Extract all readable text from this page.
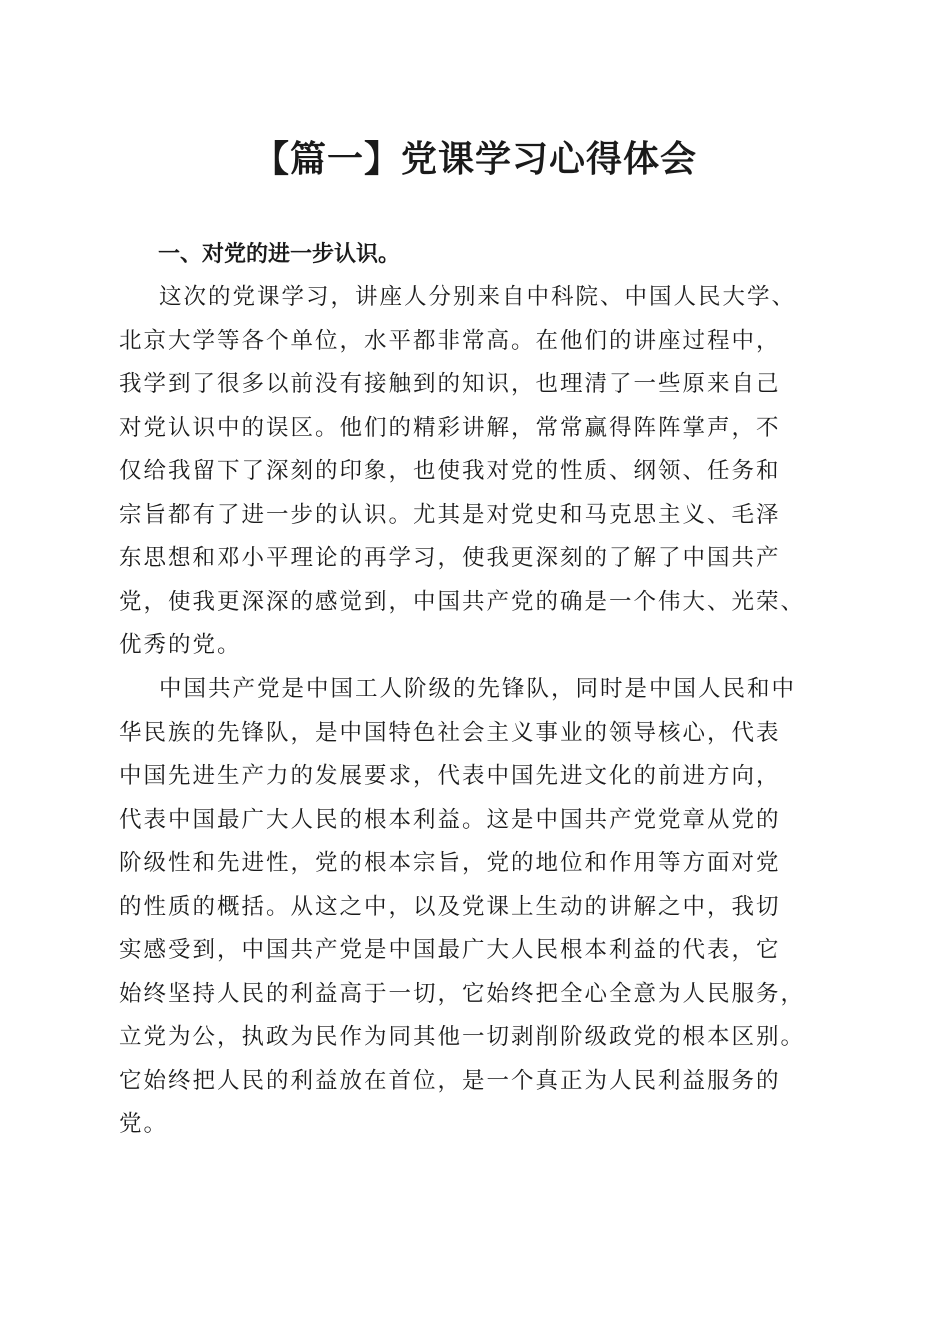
【篇一】党课学习心得体会
一、对党的进一步认识。
这次的党课学习，讲座人分别来自中科院、中国人民大学、
北京大学等各个单位，水平都非常高。在他们的讲座过程中，
我学到了很多以前没有接触到的知识，也理清了一些原来自己
对党认识中的误区。他们的精彩讲解，常常赢得阵阵掌声，不
仅给我留下了深刻的印象，也使我对党的性质、纲领、任务和
宗旨都有了进一步的认识。尤其是对党史和马克思主义、毛泽
东思想和邓小平理论的再学习，使我更深刻的了解了中国共产
党，使我更深深的感觉到，中国共产党的确是一个伟大、光荣、
优秀的党。
中国共产党是中国工人阶级的先锋队，同时是中国人民和中
华民族的先锋队，是中国特色社会主义事业的领导核心，代表
中国先进生产力的发展要求，代表中国先进文化的前进方向，
代表中国最广大人民的根本利益。这是中国共产党党章从党的
阶级性和先进性，党的根本宗旨，党的地位和作用等方面对党
的性质的概括。从这之中，以及党课上生动的讲解之中，我切
实感受到，中国共产党是中国最广大人民根本利益的代表，它
始终坚持人民的利益高于一切，它始终把全心全意为人民服务，
立党为公，执政为民作为同其他一切剥削阶级政党的根本区别。
它始终把人民的利益放在首位，是一个真正为人民利益服务的
党。
